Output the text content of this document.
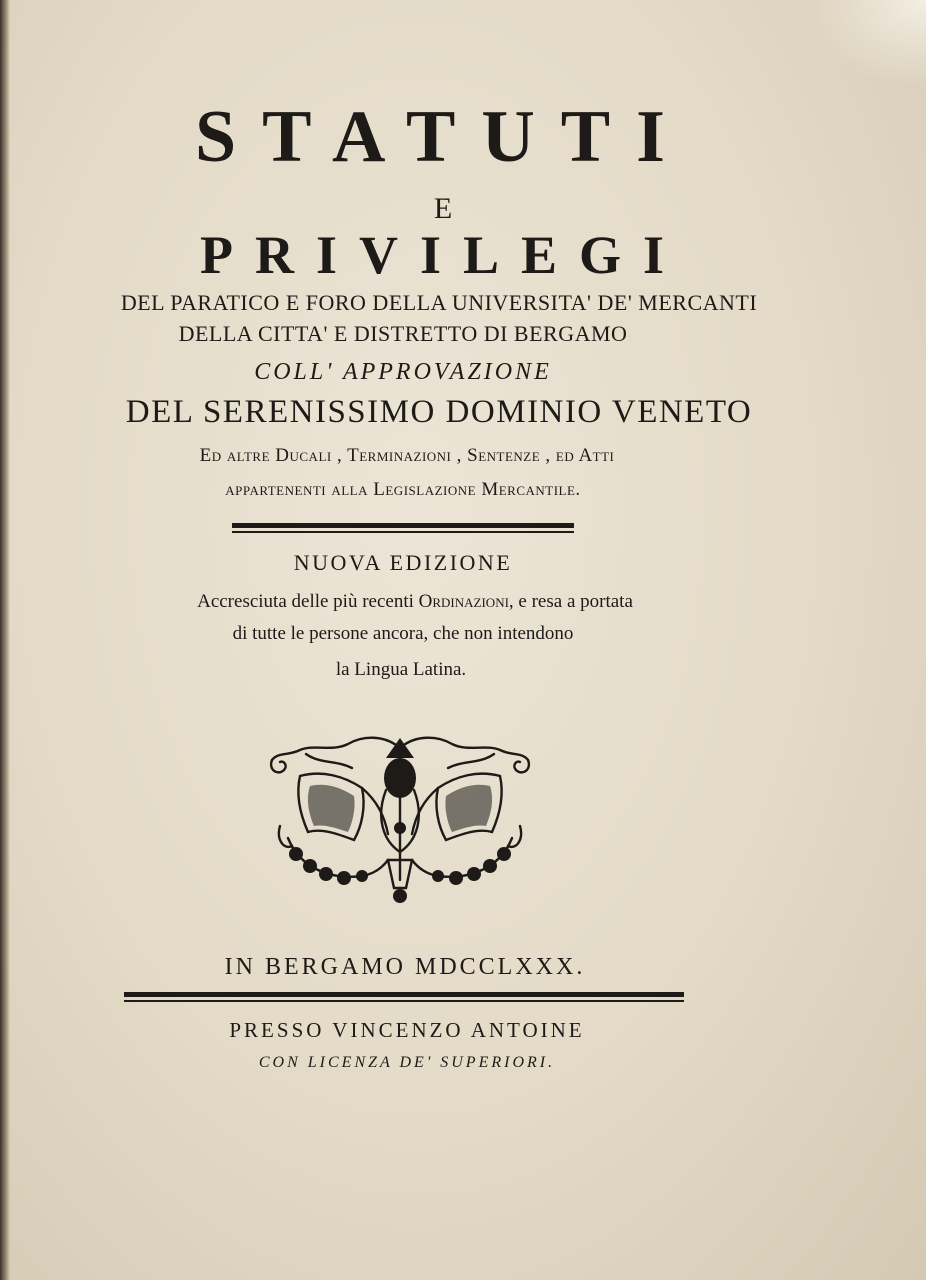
STATUTI
E
PRIVILEGI
DEL PARATICO E FORO DELLA UNIVERSITA' DE' MERCANTI
DELLA CITTA' E DISTRETTO DI BERGAMO
COLL' APPROVAZIONE
DEL SERENISSIMO DOMINIO VENETO
Ed altre Ducali , Terminazioni , Sentenze , ed Atti
appartenenti alla Legislazione Mercantile.
NUOVA EDIZIONE
Accresciuta delle più recenti Ordinazioni, e resa a portata
di tutte le persone ancora, che non intendono
la Lingua Latina.
IN BERGAMO MDCCLXXX.
PRESSO VINCENZO ANTOINE
CON LICENZA DE' SUPERIORI.
